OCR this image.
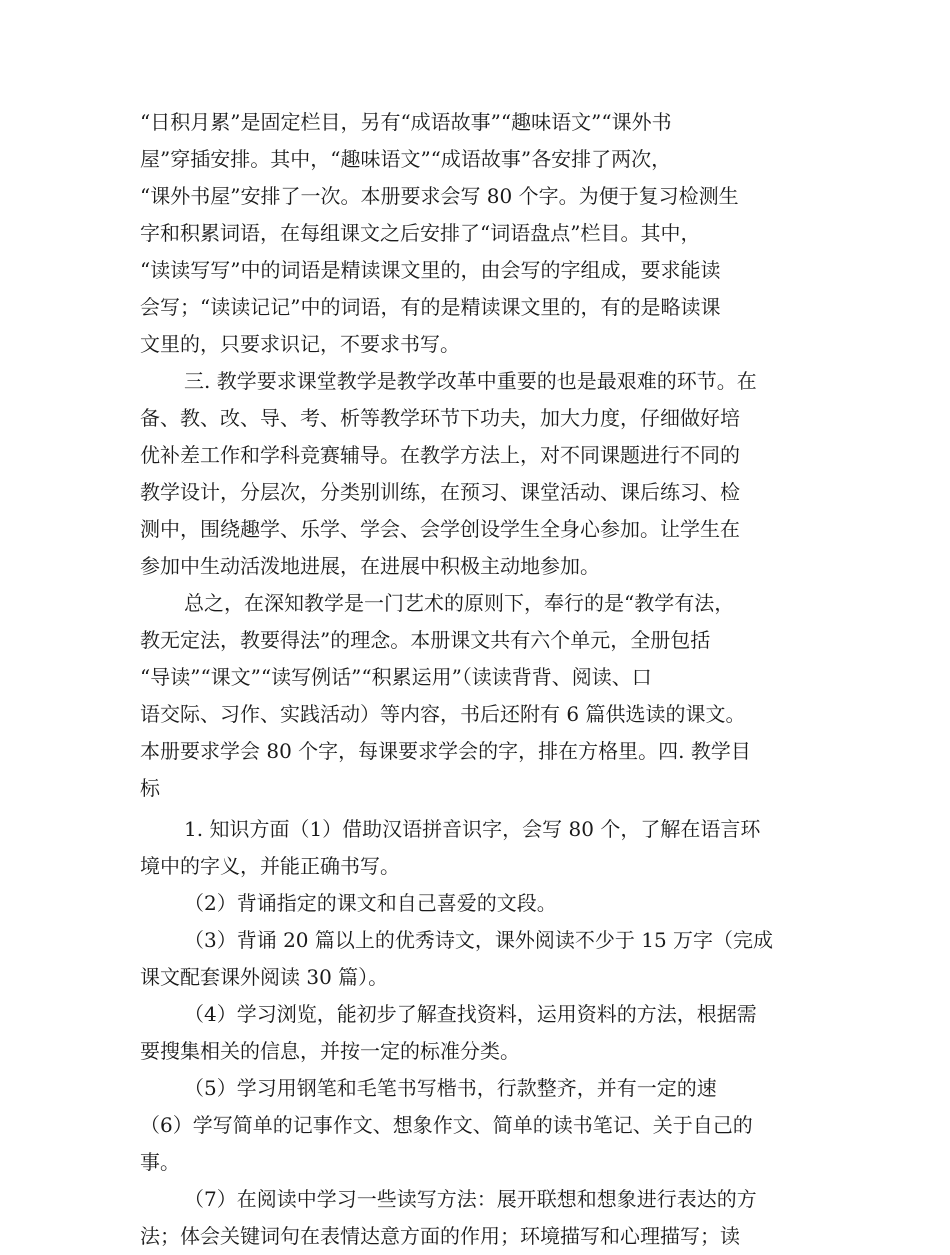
“日积月累”是固定栏目，另有“成语故事”“趣味语文”“课外书
屋”穿插安排。其中，“趣味语文”“成语故事”各安排了两次，
“课外书屋”安排了一次。本册要求会写 80 个字。为便于复习检测生
字和积累词语，在每组课文之后安排了“词语盘点”栏目。其中，
“读读写写”中的词语是精读课文里的，由会写的字组成，要求能读
会写；“读读记记”中的词语，有的是精读课文里的，有的是略读课
文里的，只要求识记，不要求书写。
三. 教学要求课堂教学是教学改革中重要的也是最艰难的环节。在
备、教、改、导、考、析等教学环节下功夫，加大力度，仔细做好培
优补差工作和学科竞赛辅导。在教学方法上，对不同课题进行不同的
教学设计，分层次，分类别训练，在预习、课堂活动、课后练习、检
测中，围绕趣学、乐学、学会、会学创设学生全身心参加。让学生在
参加中生动活泼地进展，在进展中积极主动地参加。
总之，在深知教学是一门艺术的原则下，奉行的是“教学有法，
教无定法，教要得法”的理念。本册课文共有六个单元，全册包括
“导读”“课文”“读写例话”“积累运用”（读读背背、阅读、口
语交际、习作、实践活动）等内容，书后还附有 6 篇供选读的课文。
本册要求学会 80 个字，每课要求学会的字，排在方格里。四. 教学目
标
1. 知识方面（1）借助汉语拼音识字，会写 80 个，了解在语言环
境中的字义，并能正确书写。
（2）背诵指定的课文和自己喜爱的文段。
（3）背诵 20 篇以上的优秀诗文，课外阅读不少于 15 万字（完成
课文配套课外阅读 30 篇）。
（4）学习浏览，能初步了解查找资料，运用资料的方法，根据需
要搜集相关的信息，并按一定的标准分类。
（5）学习用钢笔和毛笔书写楷书，行款整齐，并有一定的速
（6）学写简单的记事作文、想象作文、简单的读书笔记、关于自己的
事。
（7）在阅读中学习一些读写方法：展开联想和想象进行表达的方
法；体会关键词句在表情达意方面的作用；环境描写和心理描写；读
